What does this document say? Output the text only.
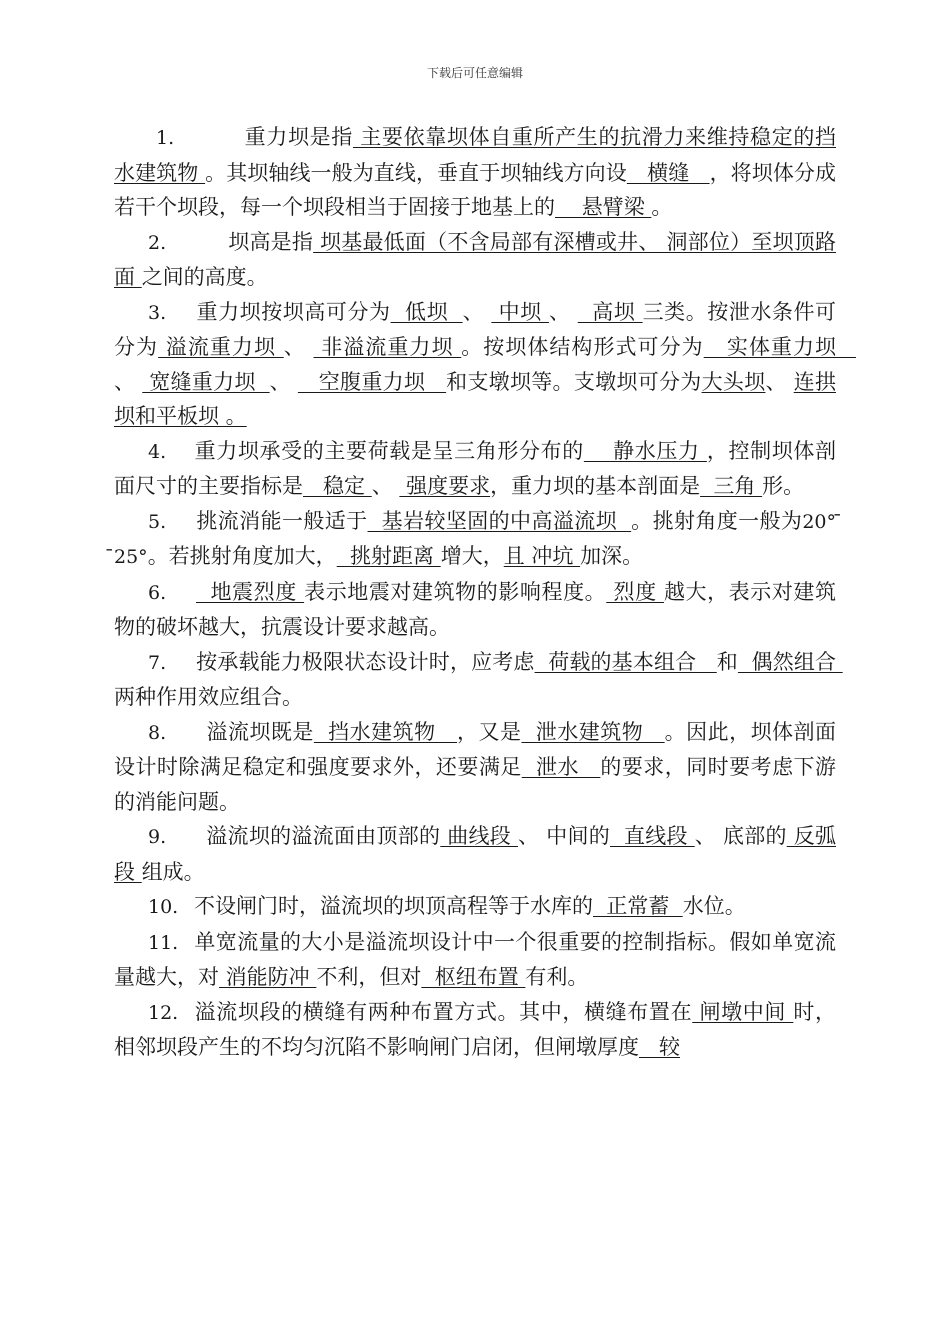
下载后可任意编辑

1.	重力坝是指 主要依靠坝体自重所产生的抗滑力来维持稳定的挡水建筑物 。其坝轴线一般为直线，垂直于坝轴线方向设   横缝   ，将坝体分成若干个坝段，每一个坝段相当于固接于地基上的    悬臂梁 。

2.	坝高是指 坝基最低面（不含局部有深槽或井、 洞部位）至坝顶路面 之间的高度。

3. 重力坝按坝高可分为  低坝  、  中坝 、   高坝 三类。按泄水条件可分为 溢流重力坝 、  非溢流重力坝 。按坝体结构形式可分为   实体重力坝   、  宽缝重力坝  、    空腹重力坝   和支墩坝等。支墩坝可分为大头坝、 连拱坝和平板坝 。

4. 重力坝承受的主要荷载是呈三角形分布的    静水压力 ，控制坝体剖面尺寸的主要指标是   稳定 、  强度要求，重力坝的基本剖面是  三角 形。

5. 挑流消能一般适于  基岩较坚固的中高溢流坝  。挑射角度一般为20° ̄25°。若挑射角度加大，  挑射距离 增大，且 冲坑 加深。

6.  地震烈度 表示地震对建筑物的影响程度。 烈度 越大，表示对建筑物的破坏越大，抗震设计要求越高。

7. 按承载能力极限状态设计时，应考虑  荷载的基本组合   和  偶然组合 两种作用效应组合。

8. 溢流坝既是  挡水建筑物   ，又是  泄水建筑物   。因此，坝体剖面设计时除满足稳定和强度要求外，还要满足  泄水   的要求，同时要考虑下游的消能问题。

9. 溢流坝的溢流面由顶部的 曲线段 、 中间的  直线段 、 底部的 反弧段 组成。

10. 不设闸门时，溢流坝的坝顶高程等于水库的  正常蓄  水位。

11. 单宽流量的大小是溢流坝设计中一个很重要的控制指标。假如单宽流量越大，对 消能防冲 不利，但对  枢纽布置 有利。

12. 溢流坝段的横缝有两种布置方式。其中，横缝布置在 闸墩中间 时，相邻坝段产生的不均匀沉陷不影响闸门启闭，但闸墩厚度   较
